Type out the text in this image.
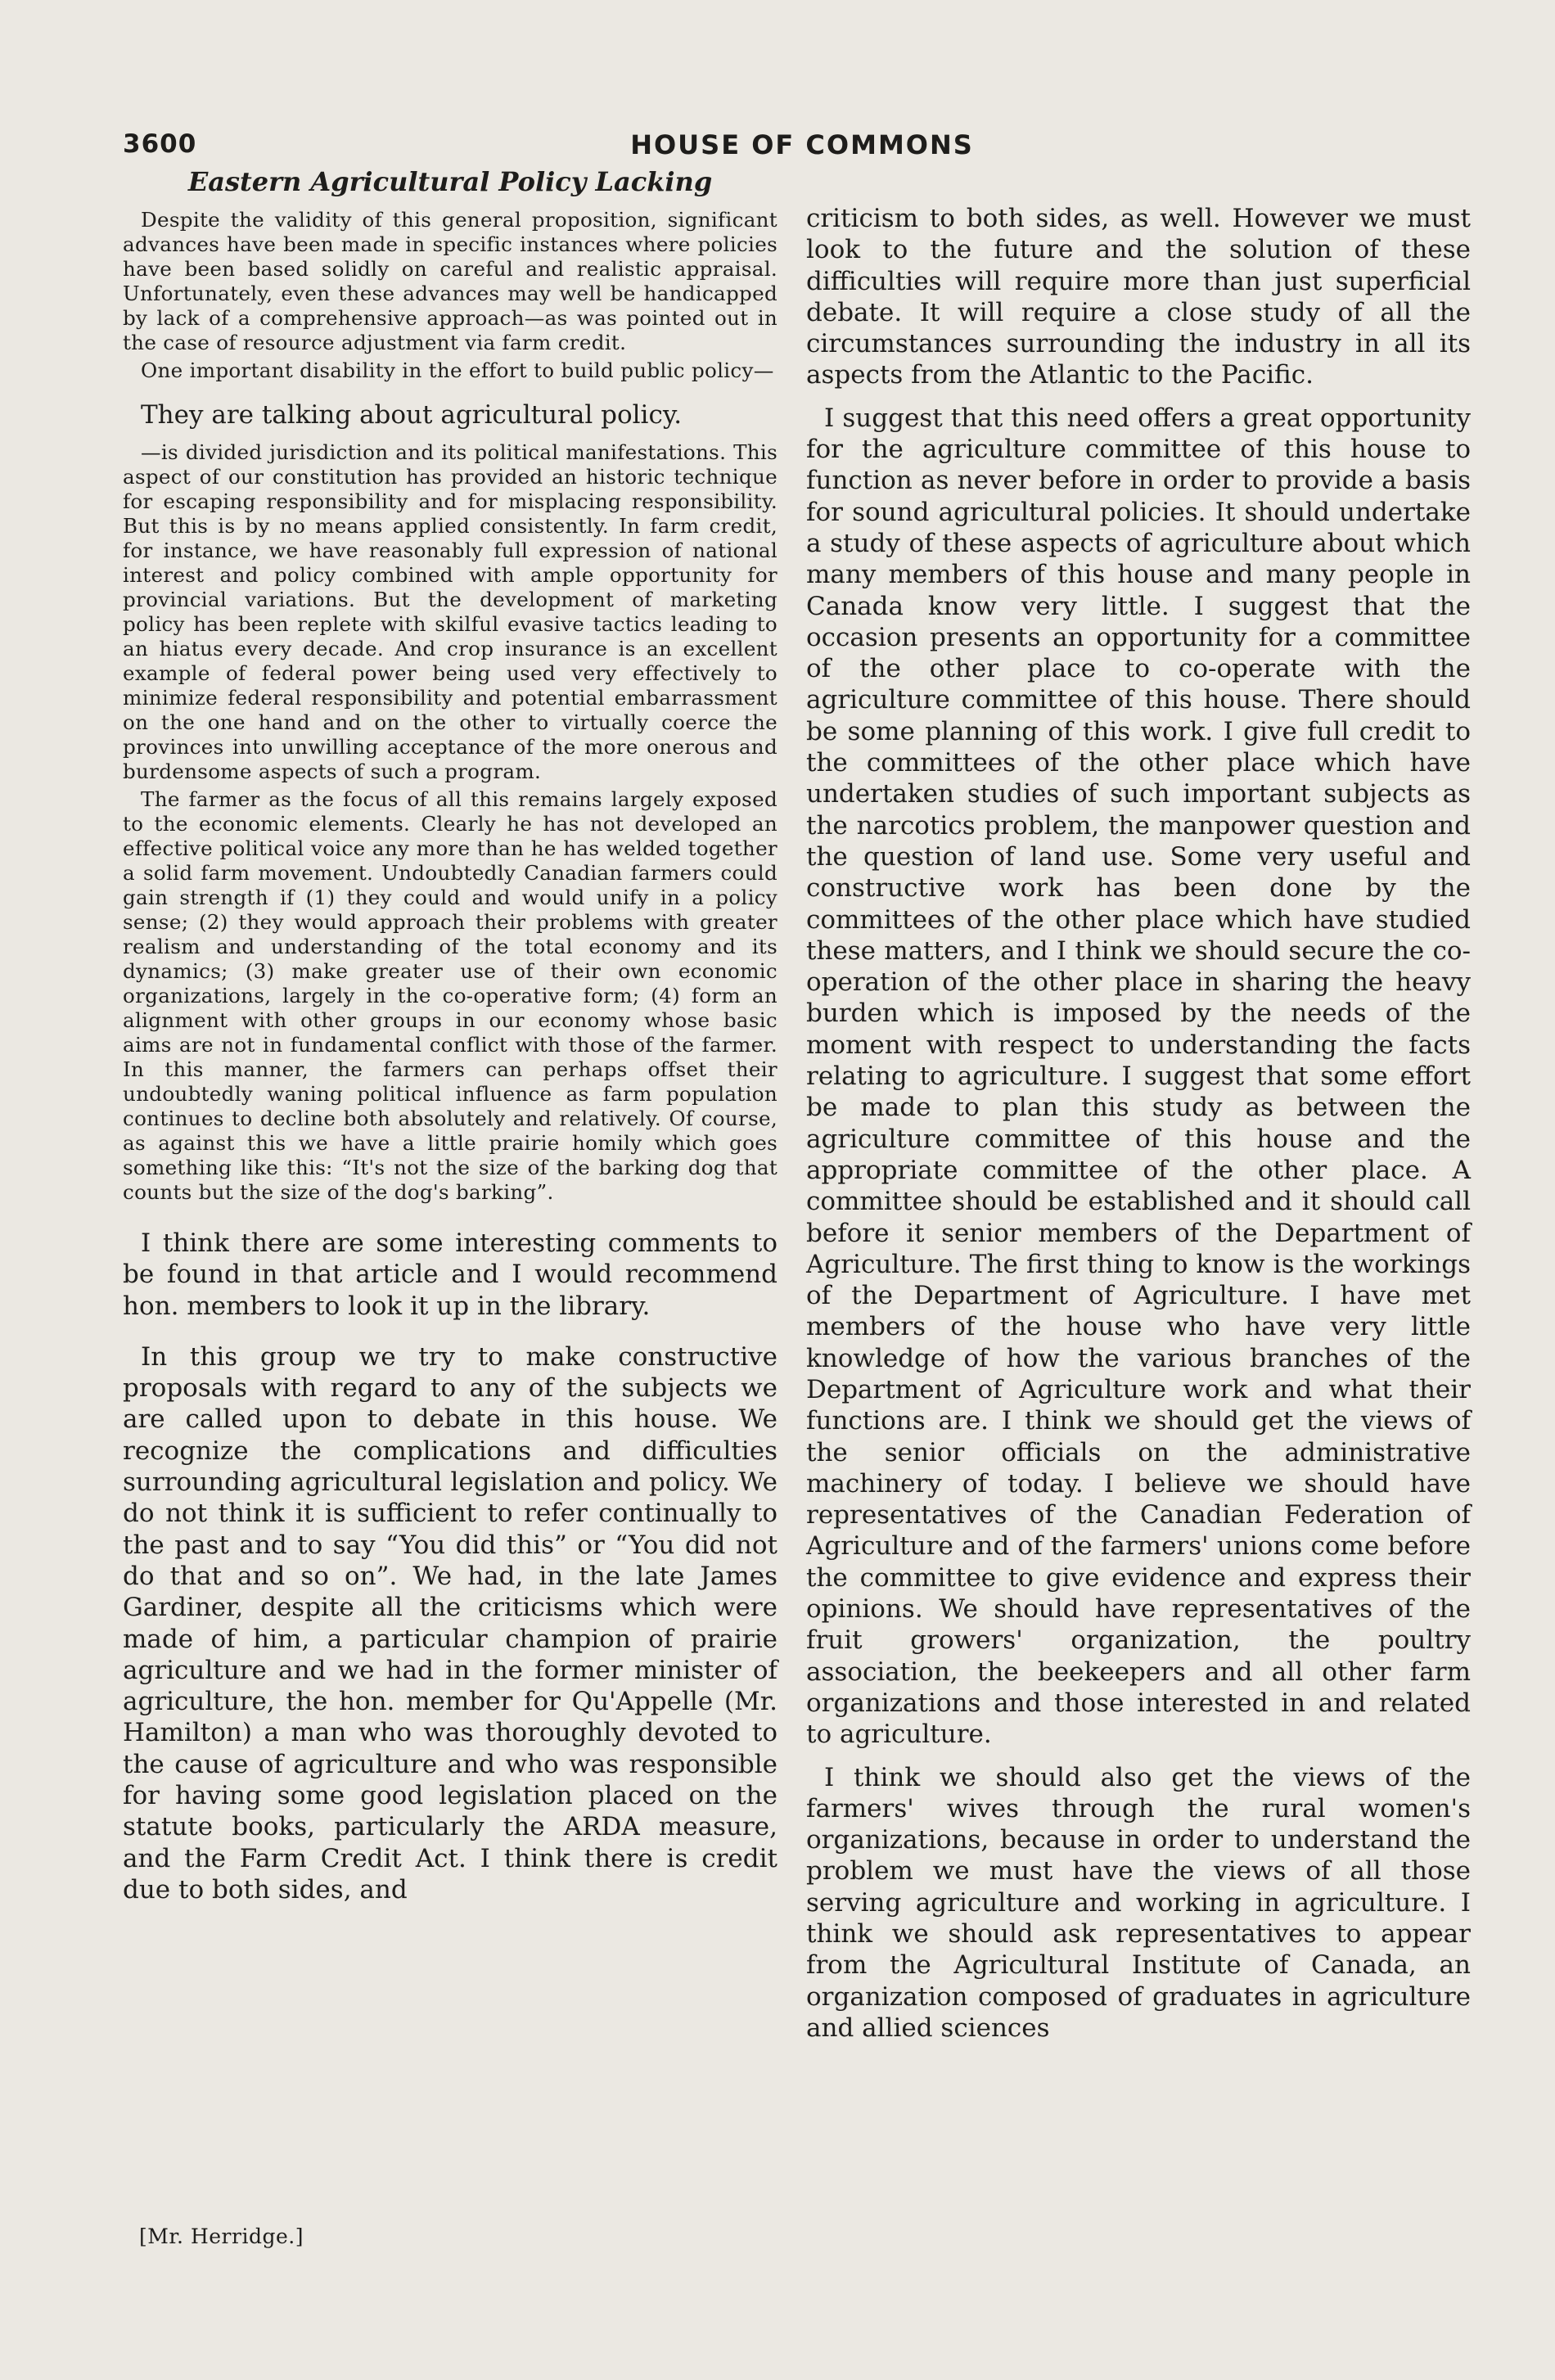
3600	HOUSE OF COMMONS
Eastern Agricultural Policy Lacking

Despite the validity of this general proposition, significant advances have been made in specific instances where policies have been based solidly on careful and realistic appraisal. Unfortunately, even these advances may well be handicapped by lack of a comprehensive approach—as was pointed out in the case of resource adjustment via farm credit.

One important disability in the effort to build public policy—

They are talking about agricultural policy.

—is divided jurisdiction and its political manifestations. This aspect of our constitution has provided an historic technique for escaping responsibility and for misplacing responsibility. But this is by no means applied consistently. In farm credit, for instance, we have reasonably full expression of national interest and policy combined with ample opportunity for provincial variations. But the development of marketing policy has been replete with skilful evasive tactics leading to an hiatus every decade. And crop insurance is an excellent example of federal power being used very effectively to minimize federal responsibility and potential embarrassment on the one hand and on the other to virtually coerce the provinces into unwilling acceptance of the more onerous and burdensome aspects of such a program.

The farmer as the focus of all this remains largely exposed to the economic elements. Clearly he has not developed an effective political voice any more than he has welded together a solid farm movement. Undoubtedly Canadian farmers could gain strength if (1) they could and would unify in a policy sense; (2) they would approach their problems with greater realism and understanding of the total economy and its dynamics; (3) make greater use of their own economic organizations, largely in the co-operative form; (4) form an alignment with other groups in our economy whose basic aims are not in fundamental conflict with those of the farmer. In this manner, the farmers can perhaps offset their undoubtedly waning political influence as farm population continues to decline both absolutely and relatively. Of course, as against this we have a little prairie homily which goes something like this: “It's not the size of the barking dog that counts but the size of the dog's barking”.

I think there are some interesting comments to be found in that article and I would recommend hon. members to look it up in the library.

In this group we try to make constructive proposals with regard to any of the subjects we are called upon to debate in this house. We recognize the complications and difficulties surrounding agricultural legislation and policy. We do not think it is sufficient to refer continually to the past and to say “You did this” or “You did not do that and so on”. We had, in the late James Gardiner, despite all the criticisms which were made of him, a particular champion of prairie agriculture and we had in the former minister of agriculture, the hon. member for Qu'Appelle (Mr. Hamilton) a man who was thoroughly devoted to the cause of agriculture and who was responsible for having some good legislation placed on the statute books, particularly the ARDA measure, and the Farm Credit Act. I think there is credit due to both sides, and

criticism to both sides, as well. However we must look to the future and the solution of these difficulties will require more than just superficial debate. It will require a close study of all the circumstances surrounding the industry in all its aspects from the Atlantic to the Pacific.

I suggest that this need offers a great opportunity for the agriculture committee of this house to function as never before in order to provide a basis for sound agricultural policies. It should undertake a study of these aspects of agriculture about which many members of this house and many people in Canada know very little. I suggest that the occasion presents an opportunity for a committee of the other place to co-operate with the agriculture committee of this house. There should be some planning of this work. I give full credit to the committees of the other place which have undertaken studies of such important subjects as the narcotics problem, the manpower question and the question of land use. Some very useful and constructive work has been done by the committees of the other place which have studied these matters, and I think we should secure the co-operation of the other place in sharing the heavy burden which is imposed by the needs of the moment with respect to understanding the facts relating to agriculture. I suggest that some effort be made to plan this study as between the agriculture committee of this house and the appropriate committee of the other place. A committee should be established and it should call before it senior members of the Department of Agriculture. The first thing to know is the workings of the Department of Agriculture. I have met members of the house who have very little knowledge of how the various branches of the Department of Agriculture work and what their functions are. I think we should get the views of the senior officials on the administrative machinery of today. I believe we should have representatives of the Canadian Federation of Agriculture and of the farmers' unions come before the committee to give evidence and express their opinions. We should have representatives of the fruit growers' organization, the poultry association, the beekeepers and all other farm organizations and those interested in and related to agriculture.

I think we should also get the views of the farmers' wives through the rural women's organizations, because in order to understand the problem we must have the views of all those serving agriculture and working in agriculture. I think we should ask representatives to appear from the Agricultural Institute of Canada, an organization composed of graduates in agriculture and allied sciences

[Mr. Herridge.]
